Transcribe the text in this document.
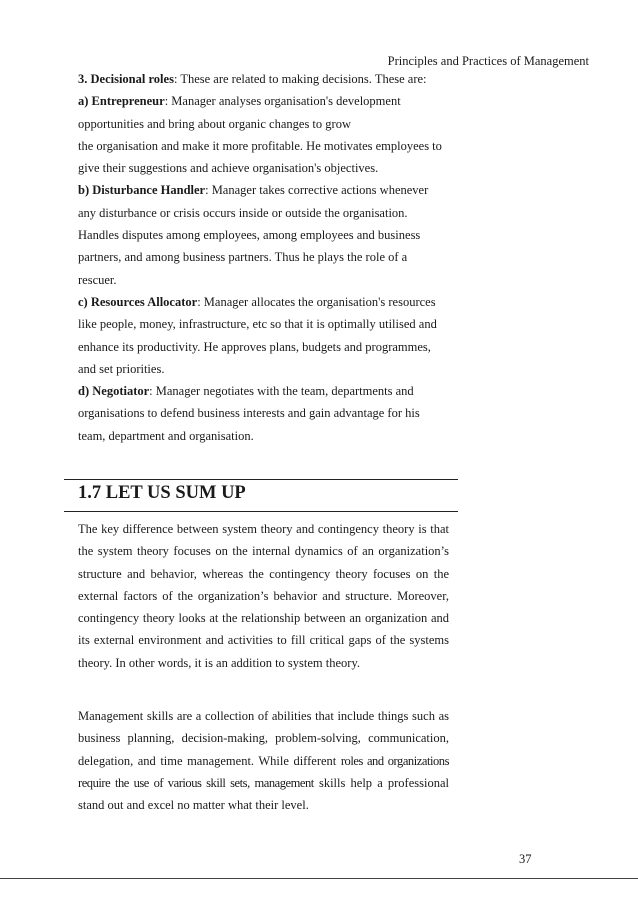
Principles and Practices of Management

3. Decisional roles: These are related to making decisions. These are:

a) Entrepreneur: Manager analyses organisation's development
opportunities and bring about organic changes to grow
the organisation and make it more profitable. He motivates employees to
give their suggestions and achieve organisation's objectives.

b) Disturbance Handler: Manager takes corrective actions whenever
any disturbance or crisis occurs inside or outside the organisation.
Handles disputes among employees, among employees and business
partners, and among business partners. Thus he plays the role of a
rescuer.

c) Resources Allocator: Manager allocates the organisation's resources
like people, money, infrastructure, etc so that it is optimally utilised and
enhance its productivity. He approves plans, budgets and programmes,
and set priorities.

d) Negotiator: Manager negotiates with the team, departments and
organisations to defend business interests and gain advantage for his
team, department and organisation.

1.7 LET US SUM UP

The key difference between system theory and contingency theory is that the system theory focuses on the internal dynamics of an organization’s structure and behavior, whereas the contingency theory focuses on the external factors of the organization’s behavior and structure. Moreover, contingency theory looks at the relationship between an organization and its external environment and activities to fill critical gaps of the systems theory. In other words, it is an addition to system theory.

Management skills are a collection of abilities that include things such as business planning, decision-making, problem-solving, communication, delegation, and time management. While different roles and organizations require the use of various skill sets, management skills help a professional stand out and excel no matter what their level.

37
